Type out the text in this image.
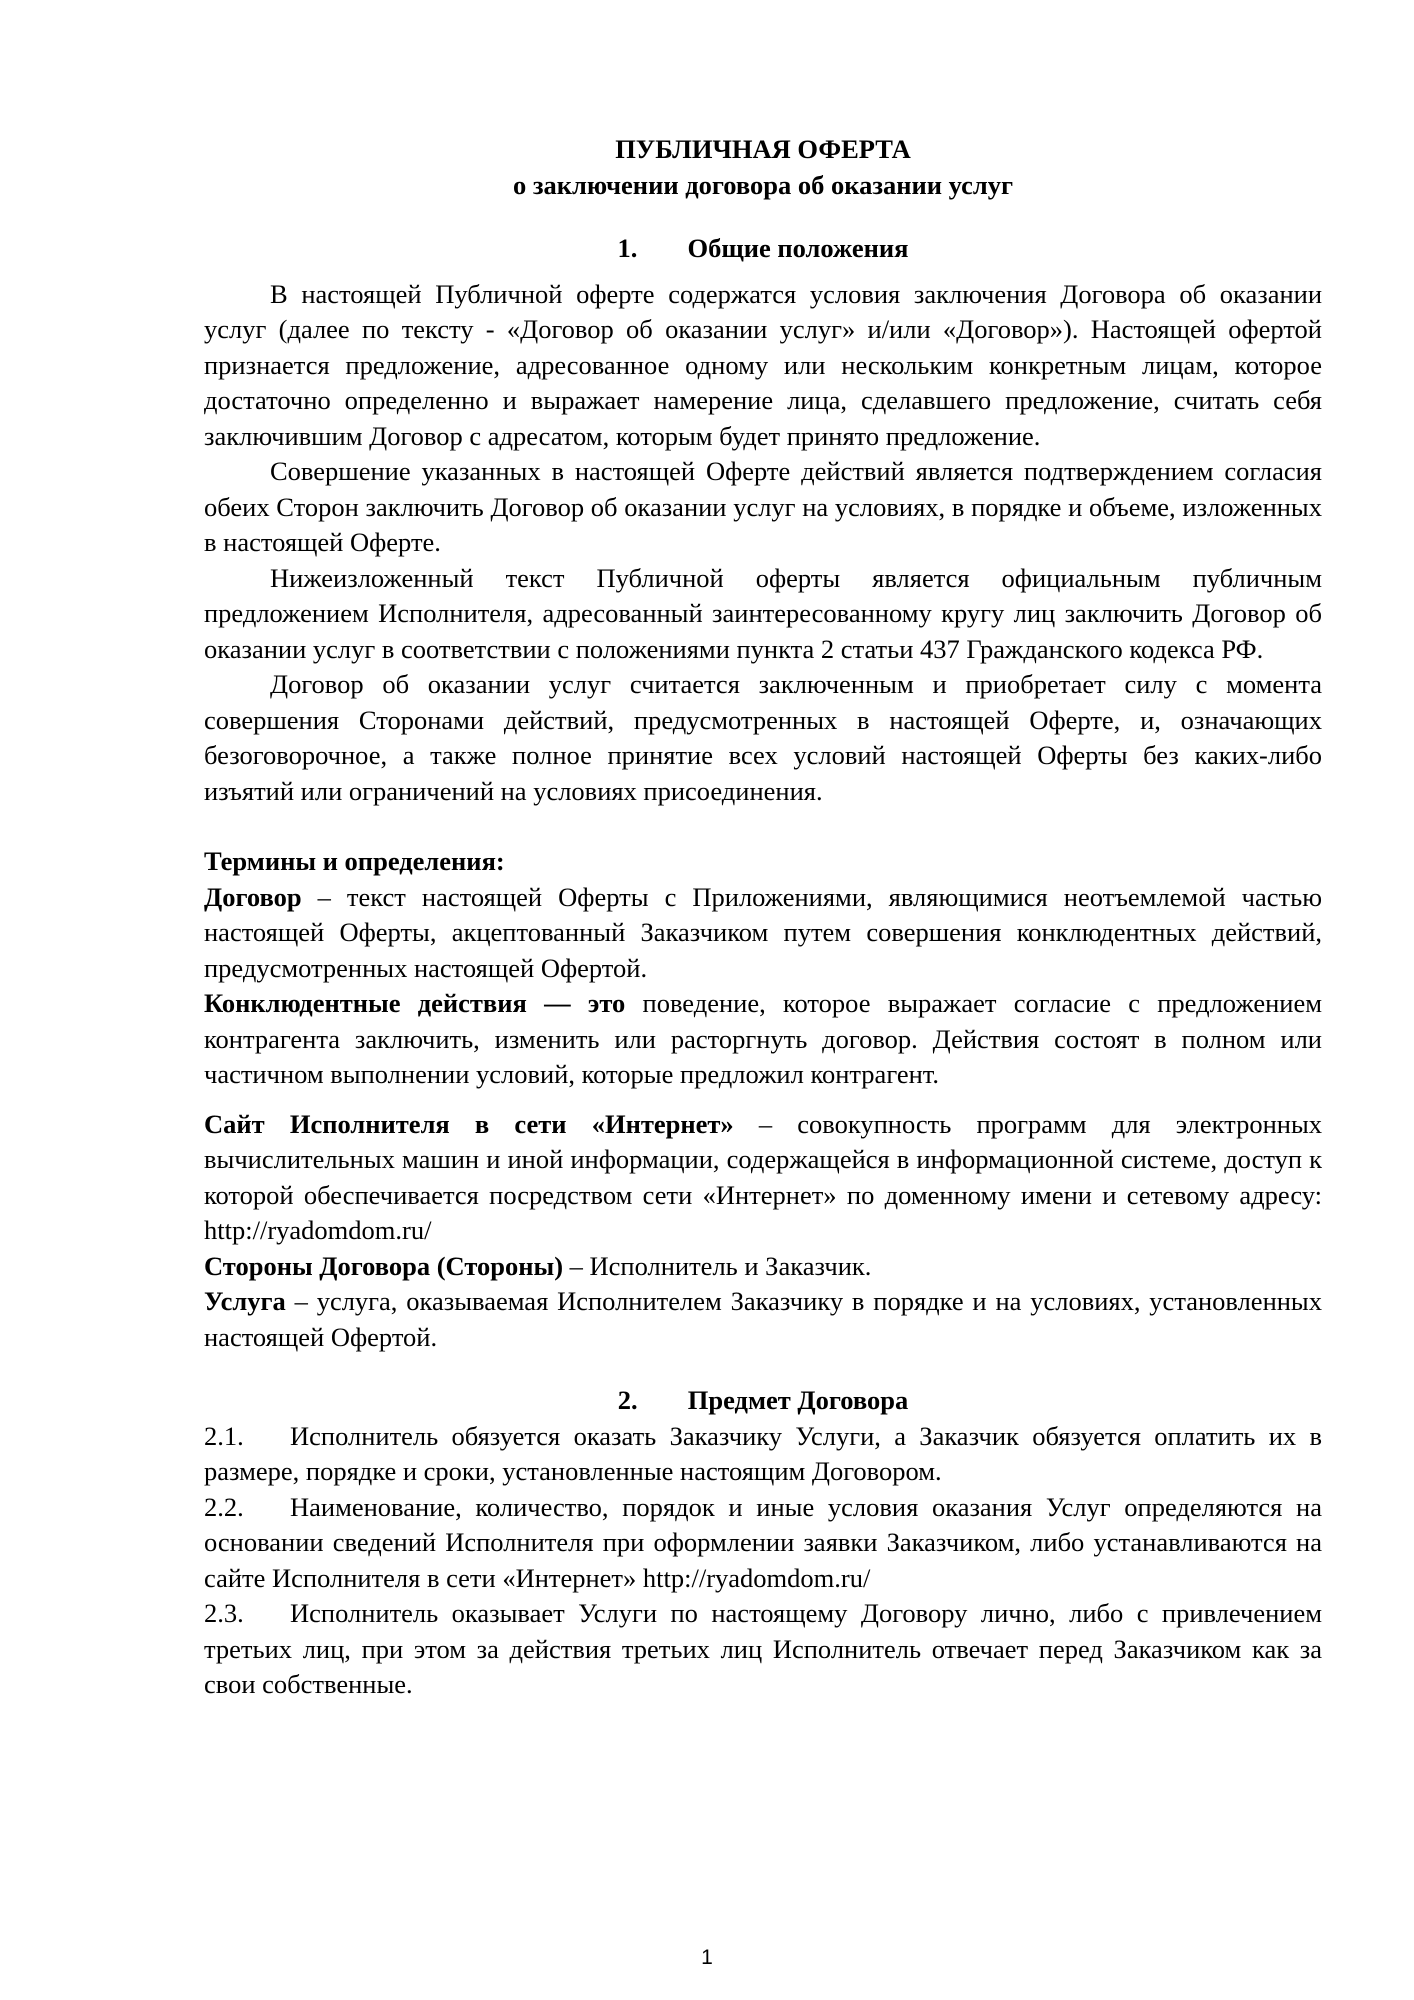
ПУБЛИЧНАЯ ОФЕРТА
о заключении договора об оказании услуг
1. Общие положения

В настоящей Публичной оферте содержатся условия заключения Договора об оказании услуг (далее по тексту - «Договор об оказании услуг» и/или «Договор»). Настоящей офертой признается предложение, адресованное одному или нескольким конкретным лицам, которое достаточно определенно и выражает намерение лица, сделавшего предложение, считать себя заключившим Договор с адресатом, которым будет принято предложение.

Совершение указанных в настоящей Оферте действий является подтверждением согласия обеих Сторон заключить Договор об оказании услуг на условиях, в порядке и объеме, изложенных в настоящей Оферте.

Нижеизложенный текст Публичной оферты является официальным публичным предложением Исполнителя, адресованный заинтересованному кругу лиц заключить Договор об оказании услуг в соответствии с положениями пункта 2 статьи 437 Гражданского кодекса РФ.

Договор об оказании услуг считается заключенным и приобретает силу с момента совершения Сторонами действий, предусмотренных в настоящей Оферте, и, означающих безоговорочное, а также полное принятие всех условий настоящей Оферты без каких-либо изъятий или ограничений на условиях присоединения.

Термины и определения:

Договор – текст настоящей Оферты с Приложениями, являющимися неотъемлемой частью настоящей Оферты, акцептованный Заказчиком путем совершения конклюдентных действий, предусмотренных настоящей Офертой.

Конклюдентные действия — это поведение, которое выражает согласие с предложением контрагента заключить, изменить или расторгнуть договор. Действия состоят в полном или частичном выполнении условий, которые предложил контрагент.

Сайт Исполнителя в сети «Интернет» – совокупность программ для электронных вычислительных машин и иной информации, содержащейся в информационной системе, доступ к которой обеспечивается посредством сети «Интернет» по доменному имени и сетевому адресу: http://ryadomdom.ru/

Стороны Договора (Стороны) – Исполнитель и Заказчик.

Услуга – услуга, оказываемая Исполнителем Заказчику в порядке и на условиях, установленных настоящей Офертой.

2. Предмет Договора

2.1. Исполнитель обязуется оказать Заказчику Услуги, а Заказчик обязуется оплатить их в размере, порядке и сроки, установленные настоящим Договором.

2.2. Наименование, количество, порядок и иные условия оказания Услуг определяются на основании сведений Исполнителя при оформлении заявки Заказчиком, либо устанавливаются на сайте Исполнителя в сети «Интернет» http://ryadomdom.ru/

2.3. Исполнитель оказывает Услуги по настоящему Договору лично, либо с привлечением третьих лиц, при этом за действия третьих лиц Исполнитель отвечает перед Заказчиком как за свои собственные.

1
